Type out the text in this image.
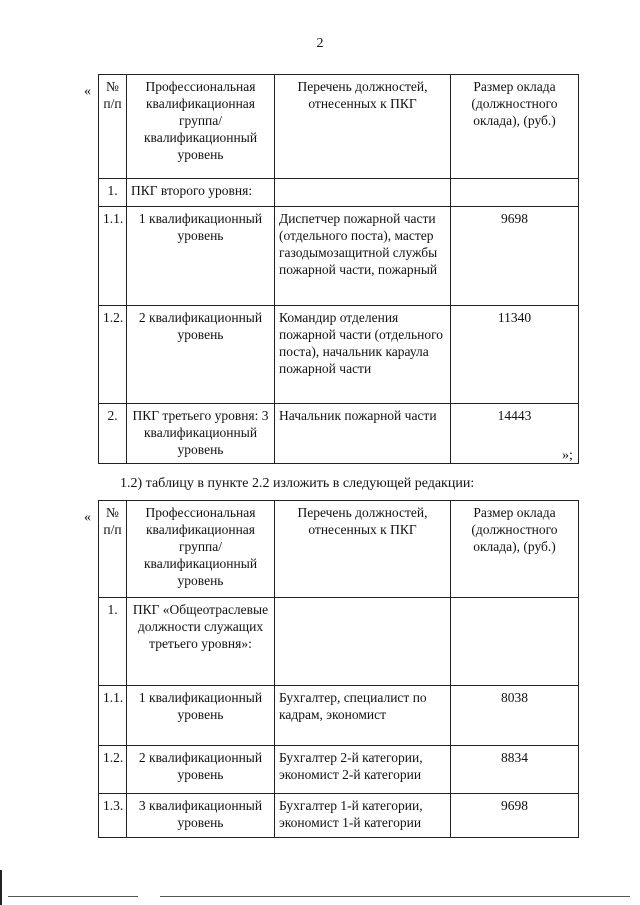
2
« № п/п	Профессиональная квалификационная группа/ квалификационный уровень	Перечень должностей, отнесенных к ПКГ	Размер оклада (должностного оклада), (руб.)
1.	ПКГ второго уровня:		
1.1.	1 квалификационный уровень	Диспетчер пожарной части (отдельного поста), мастер газодымозащитной службы пожарной части, пожарный	9698
1.2.	2 квалификационный уровень	Командир отделения пожарной части (отдельного поста), начальник караула пожарной части	11340
2.	ПКГ третьего уровня: 3 квалификационный уровень	Начальник пожарной части	14443
»;
1.2) таблицу в пункте 2.2 изложить в следующей редакции:
« № п/п	Профессиональная квалификационная группа/ квалификационный уровень	Перечень должностей, отнесенных к ПКГ	Размер оклада (должностного оклада), (руб.)
1.	ПКГ «Общеотраслевые должности служащих третьего уровня»:		
1.1.	1 квалификационный уровень	Бухгалтер, специалист по кадрам, экономист	8038
1.2.	2 квалификационный уровень	Бухгалтер 2-й категории, экономист 2-й категории	8834
1.3.	3 квалификационный уровень	Бухгалтер 1-й категории, экономист 1-й категории	9698
